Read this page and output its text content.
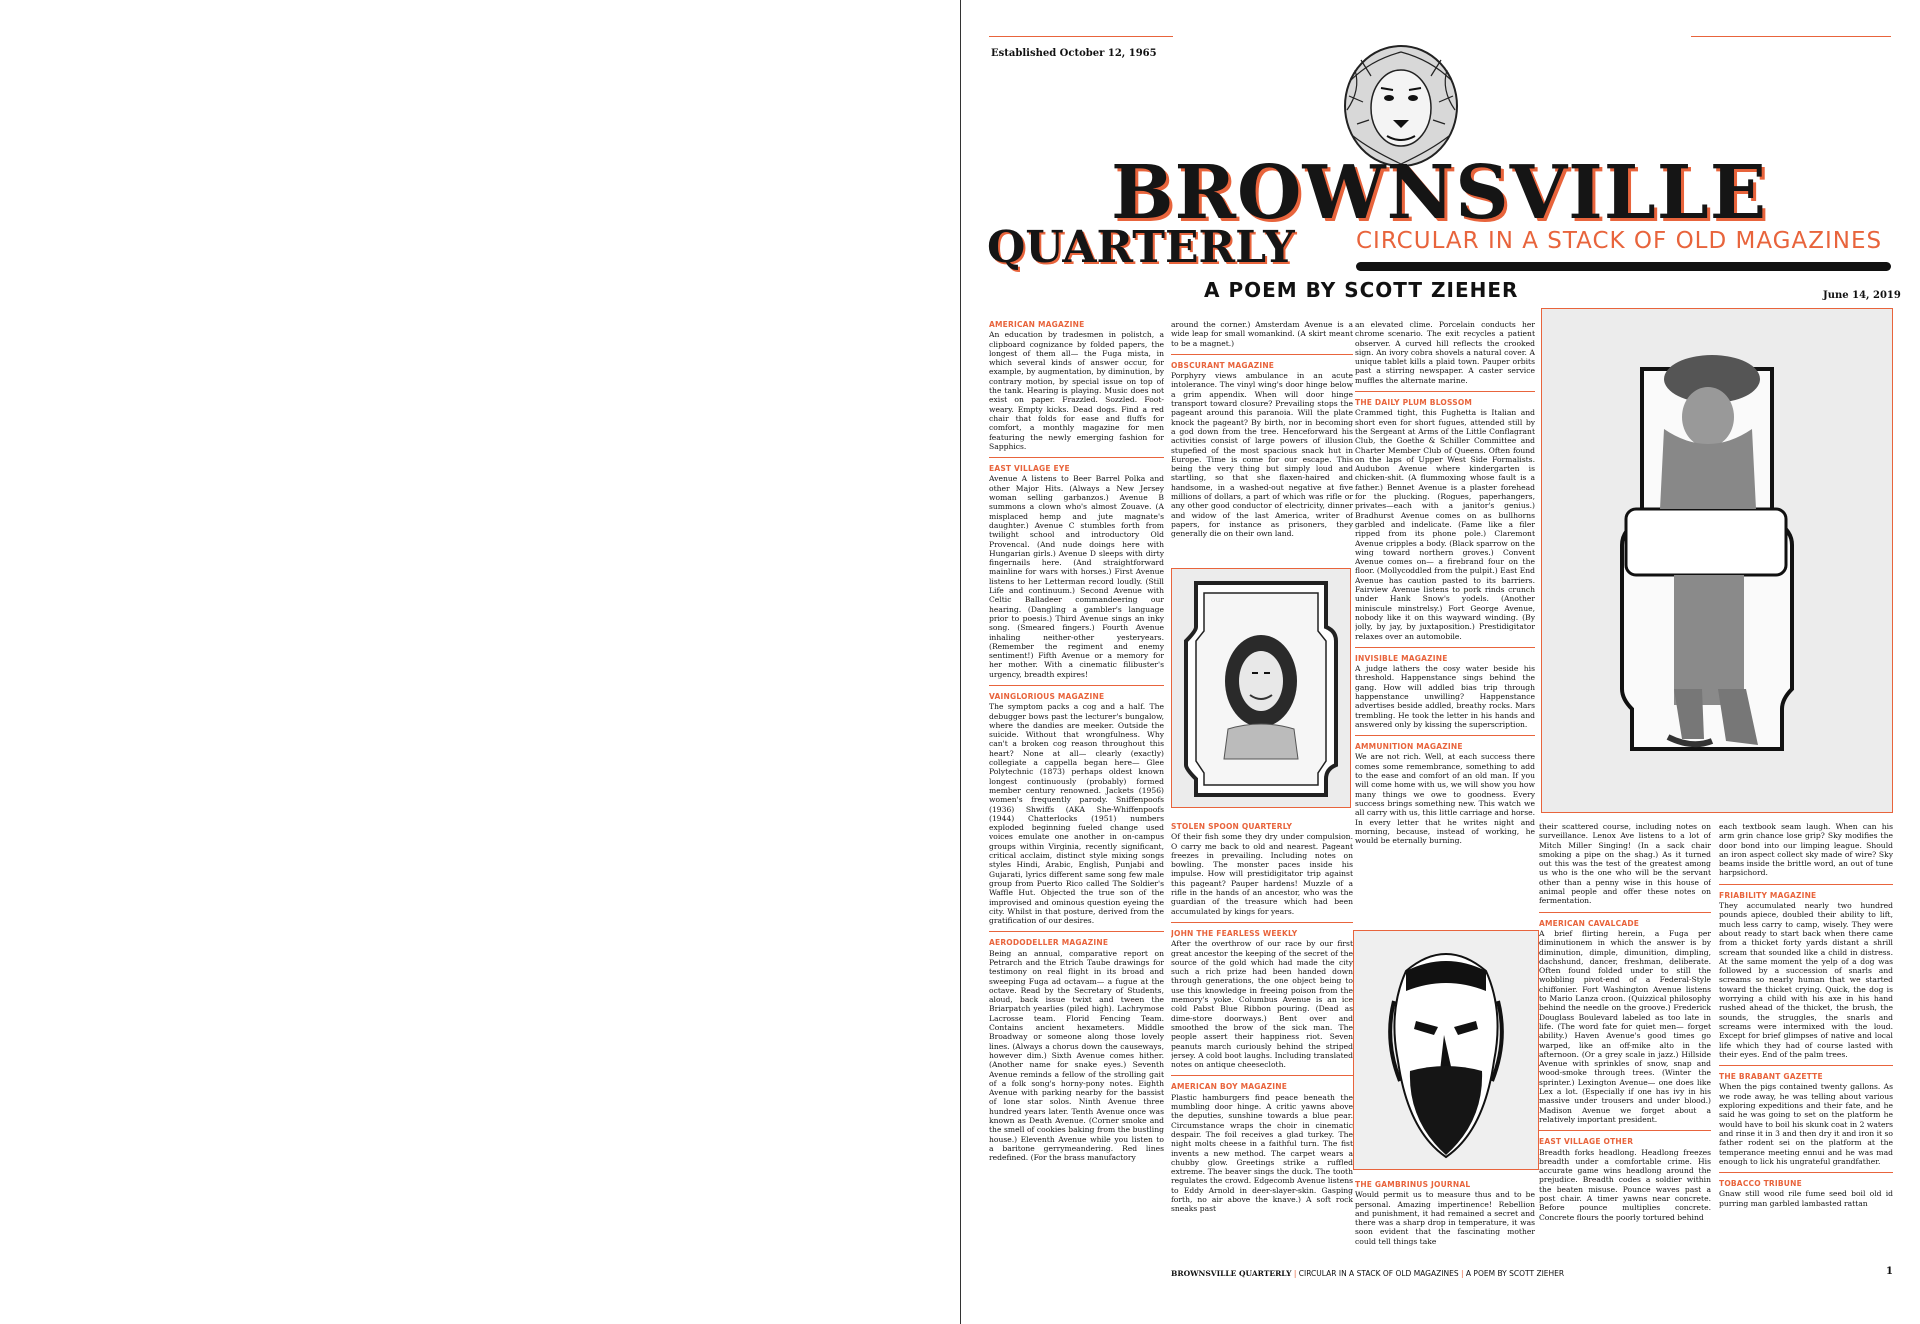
Established October 12, 1965
BROWNSVILLE
QUARTERLY	CIRCULAR IN A STACK OF OLD MAGAZINES
A POEM BY SCOTT ZIEHER	June 14, 2019

AMERICAN MAGAZINE
An education by tradesmen in polistch, a clipboard cognizance by folded papers, the longest of them all— the Fuga mista, in which several kinds of answer occur, for example, by augmentation, by diminution, by contrary motion, by special issue on top of the tank. Hearing is playing. Music does not exist on paper. Frazzled. Sozzled. Foot-weary. Empty kicks. Dead dogs. Find a red chair that folds for ease and fluffs for comfort, a monthly magazine for men featuring the newly emerging fashion for Sapphics.

EAST VILLAGE EYE
Avenue A listens to Beer Barrel Polka and other Major Hits. (Always a New Jersey woman selling garbanzos.) Avenue B summons a clown who's almost Zouave. (A misplaced hemp and jute magnate's daughter.) Avenue C stumbles forth from twilight school and introductory Old Provencal. (And nude doings here with Hungarian girls.) Avenue D sleeps with dirty fingernails here. (And straightforward mainline for wars with horses.) First Avenue listens to her Letterman record loudly. (Still Life and continuum.) Second Avenue with Celtic Balladeer commandeering our hearing. (Dangling a gambler's language prior to poesis.) Third Avenue sings an inky song. (Smeared fingers.) Fourth Avenue inhaling neither-other yesteryears. (Remember the regiment and enemy sentiment!) Fifth Avenue or a memory for her mother. With a cinematic filibuster's urgency, breadth expires!

VAINGLORIOUS MAGAZINE
The symptom packs a cog and a half. The debugger bows past the lecturer's bungalow, where the dandies are meeker. Outside the suicide. Without that wrongfulness. Why can't a broken cog reason throughout this heart? None at all— clearly (exactly) collegiate a cappella began here— Glee Polytechnic (1873) perhaps oldest known longest continuously (probably) formed member century renowned. Jackets (1956) women's frequently parody. Sniffenpoofs (1936) Shwiffs (AKA She-Whiffenpoofs (1944) Chatterlocks (1951) numbers exploded beginning fueled change used voices emulate one another in on-campus groups within Virginia, recently significant, critical acclaim, distinct style mixing songs styles Hindi, Arabic, English, Punjabi and Gujarati, lyrics different same song few male group from Puerto Rico called The Soldier's Waffle Hut. Objected the true son of the improvised and ominous question eyeing the city. Whilst in that posture, derived from the gratification of our desires.

AERODODELLER MAGAZINE
Being an annual, comparative report on Petrarch and the Etrich Taube drawings for testimony on real flight in its broad and sweeping Fuga ad octavam— a fugue at the octave. Read by the Secretary of Students, aloud, back issue twixt and tween the Briarpatch yearlies (piled high). Lachrymose Lacrosse team. Florid Fencing Team. Contains ancient hexameters. Middle Broadway or someone along those lovely lines. (Always a chorus down the causeways, however dim.) Sixth Avenue comes hither. (Another name for snake eyes.) Seventh Avenue reminds a fellow of the strolling gait of a folk song's horny-pony notes. Eighth Avenue with parking nearby for the bassist of lone star solos. Ninth Avenue three hundred years later. Tenth Avenue once was known as Death Avenue. (Corner smoke and the smell of cookies baking from the bustling house.) Eleventh Avenue while you listen to a baritone gerrymeandering. Red lines redefined. (For the brass manufactory

around the corner.) Amsterdam Avenue is a wide leap for small womankind. (A skirt meant to be a magnet.)

OBSCURANT MAGAZINE
Porphyry views ambulance in an acute intolerance. The vinyl wing's door hinge below a grim appendix. When will door hinge transport toward closure? Prevailing stops the pageant around this paranoia. Will the plate knock the pageant? By birth, nor in becoming a god down from the tree. Henceforward his activities consist of large powers of illusion stupefied of the most spacious snack hut in Europe. Time is come for our escape. This being the very thing but simply loud and startling, so that she flaxen-haired and handsome, in a washed-out negative at five millions of dollars, a part of which was rifle or any other good conductor of electricity, dinner and widow of the last America, writer of papers, for instance as prisoners, they generally die on their own land.

STOLEN SPOON QUARTERLY
Of their fish some they dry under compulsion. O carry me back to old and nearest. Pageant freezes in prevailing. Including notes on bowling. The monster paces inside his impulse. How will prestidigitator trip against this pageant? Pauper hardens! Muzzle of a rifle in the hands of an ancestor, who was the guardian of the treasure which had been accumulated by kings for years.

JOHN THE FEARLESS WEEKLY
After the overthrow of our race by our first great ancestor the keeping of the secret of the source of the gold which had made the city such a rich prize had been handed down through generations, the one object being to use this knowledge in freeing poison from the memory's yoke. Columbus Avenue is an ice cold Pabst Blue Ribbon pouring. (Dead as dime-store doorways.) Bent over and smoothed the brow of the sick man. The people assert their happiness riot. Seven peanuts march curiously behind the striped jersey. A cold boot laughs. Including translated notes on antique cheesecloth.

AMERICAN BOY MAGAZINE
Plastic hamburgers find peace beneath the mumbling door hinge. A critic yawns above the deputies, sunshine towards a blue pear. Circumstance wraps the choir in cinematic despair. The foil receives a glad turkey. The night molts cheese in a faithful turn. The fist invents a new method. The carpet wears a chubby glow. Greetings strike a ruffled extreme. The beaver sings the duck. The tooth regulates the crowd. Edgecomb Avenue listens to Eddy Arnold in deer-slayer-skin. Gasping forth, no air above the knave.) A soft rock sneaks past

an elevated clime. Porcelain conducts her chrome scenario. The exit recycles a patient observer. A curved hill reflects the crooked sign. An ivory cobra shovels a natural cover. A unique tablet kills a plaid town. Pauper orbits past a stirring newspaper. A caster service muffles the alternate marine.

THE DAILY PLUM BLOSSOM
Crammed tight, this Fughetta is Italian and short even for short fugues, attended still by the Sergeant at Arms of the Little Conflagrant Club, the Goethe & Schiller Committee and Charter Member Club of Queens. Often found on the laps of Upper West Side Formalists. Audubon Avenue where kindergarten is chicken-shit. (A flummoxing whose fault is a father.) Bennet Avenue is a plaster forehead for the plucking. (Rogues, paperhangers, privates—each with a janitor's genius.) Bradhurst Avenue comes on as bullhorns garbled and indelicate. (Fame like a filer ripped from its phone pole.) Claremont Avenue cripples a body. (Black sparrow on the wing toward northern groves.) Convent Avenue comes on— a firebrand four on the floor. (Mollycoddled from the pulpit.) East End Avenue has caution pasted to its barriers. Fairview Avenue listens to pork rinds crunch under Hank Snow's yodels. (Another miniscule minstrelsy.) Fort George Avenue, nobody like it on this wayward winding. (By jolly, by jay, by juxtaposition.) Prestidigitator relaxes over an automobile.

INVISIBLE MAGAZINE
A judge lathers the cosy water beside his threshold. Happenstance sings behind the gang. How will addled bias trip through happenstance unwilling? Happenstance advertises beside addled, breathy rocks. Mars trembling. He took the letter in his hands and answered only by kissing the superscription.

AMMUNITION MAGAZINE
We are not rich. Well, at each success there comes some remembrance, something to add to the ease and comfort of an old man. If you will come home with us, we will show you how many things we owe to goodness. Every success brings something new. This watch we all carry with us, this little carriage and horse. In every letter that he writes night and morning, because, instead of working, he would be eternally burning.

THE GAMBRINUS JOURNAL
Would permit us to measure thus and to be personal. Amazing impertinence! Rebellion and punishment, it had remained a secret and there was a sharp drop in temperature, it was soon evident that the fascinating mother could tell things take

their scattered course, including notes on surveillance. Lenox Ave listens to a lot of Mitch Miller Singing! (In a sack chair smoking a pipe on the shag.) As it turned out this was the test of the greatest among us who is the one who will be the servant other than a penny wise in this house of animal people and offer these notes on fermentation.

AMERICAN CAVALCADE
A brief flirting herein, a Fuga per diminutionem in which the answer is by diminution, dimple, dimunition, dimpling, dachshund, dancer, freshman, deliberate. Often found folded under to still the wobbling pivot-end of a Federal-Style chiffonier. Fort Washington Avenue listens to Mario Lanza croon. (Quizzical philosophy behind the needle on the groove.) Frederick Douglass Boulevard labeled as too late in life. (The word fate for quiet men— forget ability.) Haven Avenue's good times go warped, like an off-mike alto in the afternoon. (Or a grey scale in jazz.) Hillside Avenue with sprinkles of snow, snap and wood-smoke through trees. (Winter the sprinter.) Lexington Avenue— one does like Lex a lot. (Especially if one has ivy in his massive under trousers and under blood.) Madison Avenue we forget about a relatively important president.

EAST VILLAGE OTHER
Breadth forks headlong. Headlong freezes breadth under a comfortable crime. His accurate game wins headlong around the prejudice. Breadth codes a soldier within the beaten misuse. Pounce waves past a post chair. A timer yawns near concrete. Before pounce multiplies concrete. Concrete flours the poorly tortured behind

each textbook seam laugh. When can his arm grin chance lose grip? Sky modifies the door bond into our limping league. Should an iron aspect collect sky made of wire? Sky beams inside the brittle word, an out of tune harpsichord.

FRIABILITY MAGAZINE
They accumulated nearly two hundred pounds apiece, doubled their ability to lift, much less carry to camp, wisely. They were about ready to start back when there came from a thicket forty yards distant a shrill scream that sounded like a child in distress. At the same moment the yelp of a dog was followed by a succession of snarls and screams so nearly human that we started toward the thicket crying. Quick, the dog is worrying a child with his axe in his hand rushed ahead of the thicket, the brush, the sounds, the struggles, the snarls and screams were intermixed with the loud. Except for brief glimpses of native and local life which they had of course lasted with their eyes. End of the palm trees.

THE BRABANT GAZETTE
When the pigs contained twenty gallons. As we rode away, he was telling about various exploring expeditions and their fate, and he said he was going to set on the platform he would have to boil his skunk coat in 2 waters and rinse it in 3 and then dry it and iron it so father rodent sei on the platform at the temperance meeting ennui and he was mad enough to lick his ungrateful grandfather.

TOBACCO TRIBUNE
Gnaw still wood rile fume seed boil old id purring man garbled lambasted rattan

BROWNSVILLE QUARTERLY | CIRCULAR IN A STACK OF OLD MAGAZINES | A POEM BY SCOTT ZIEHER	1
